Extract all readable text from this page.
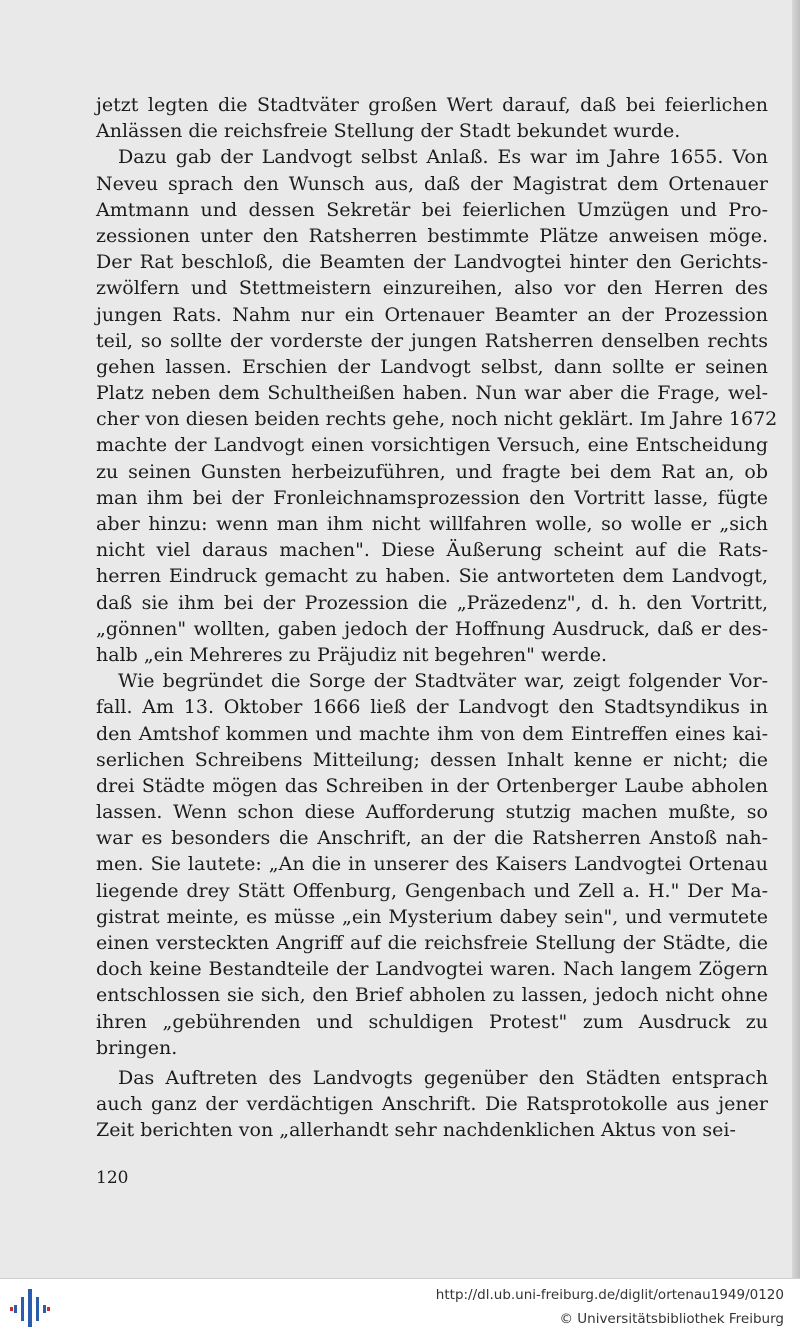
jetzt legten die Stadtväter großen Wert darauf, daß bei feierlichen
Anlässen die reichsfreie Stellung der Stadt bekundet wurde.
Dazu gab der Landvogt selbst Anlaß. Es war im Jahre 1655. Von
Neveu sprach den Wunsch aus, daß der Magistrat dem Ortenauer
Amtmann und dessen Sekretär bei feierlichen Umzügen und Pro-
zessionen unter den Ratsherren bestimmte Plätze anweisen möge.
Der Rat beschloß, die Beamten der Landvogtei hinter den Gerichts-
zwölfern und Stettmeistern einzureihen, also vor den Herren des
jungen Rats. Nahm nur ein Ortenauer Beamter an der Prozession
teil, so sollte der vorderste der jungen Ratsherren denselben rechts
gehen lassen. Erschien der Landvogt selbst, dann sollte er seinen
Platz neben dem Schultheißen haben. Nun war aber die Frage, wel-
cher von diesen beiden rechts gehe, noch nicht geklärt. Im Jahre 1672
machte der Landvogt einen vorsichtigen Versuch, eine Entscheidung
zu seinen Gunsten herbeizuführen, und fragte bei dem Rat an, ob
man ihm bei der Fronleichnamsprozession den Vortritt lasse, fügte
aber hinzu: wenn man ihm nicht willfahren wolle, so wolle er „sich
nicht viel daraus machen". Diese Äußerung scheint auf die Rats-
herren Eindruck gemacht zu haben. Sie antworteten dem Landvogt,
daß sie ihm bei der Prozession die „Präzedenz", d. h. den Vortritt,
„gönnen" wollten, gaben jedoch der Hoffnung Ausdruck, daß er des-
halb „ein Mehreres zu Präjudiz nit begehren" werde.
Wie begründet die Sorge der Stadtväter war, zeigt folgender Vor-
fall. Am 13. Oktober 1666 ließ der Landvogt den Stadtsyndikus in
den Amtshof kommen und machte ihm von dem Eintreffen eines kai-
serlichen Schreibens Mitteilung; dessen Inhalt kenne er nicht; die
drei Städte mögen das Schreiben in der Ortenberger Laube abholen
lassen. Wenn schon diese Aufforderung stutzig machen mußte, so
war es besonders die Anschrift, an der die Ratsherren Anstoß nah-
men. Sie lautete: „An die in unserer des Kaisers Landvogtei Ortenau
liegende drey Stätt Offenburg, Gengenbach und Zell a. H." Der Ma-
gistrat meinte, es müsse „ein Mysterium dabey sein", und vermutete
einen versteckten Angriff auf die reichsfreie Stellung der Städte, die
doch keine Bestandteile der Landvogtei waren. Nach langem Zögern
entschlossen sie sich, den Brief abholen zu lassen, jedoch nicht ohne
ihren „gebührenden und schuldigen Protest" zum Ausdruck zu
bringen.
Das Auftreten des Landvogts gegenüber den Städten entsprach
auch ganz der verdächtigen Anschrift. Die Ratsprotokolle aus jener
Zeit berichten von „allerhandt sehr nachdenklichen Aktus von sei-
120
http://dl.ub.uni-freiburg.de/diglit/ortenau1949/0120
© Universitätsbibliothek Freiburg
